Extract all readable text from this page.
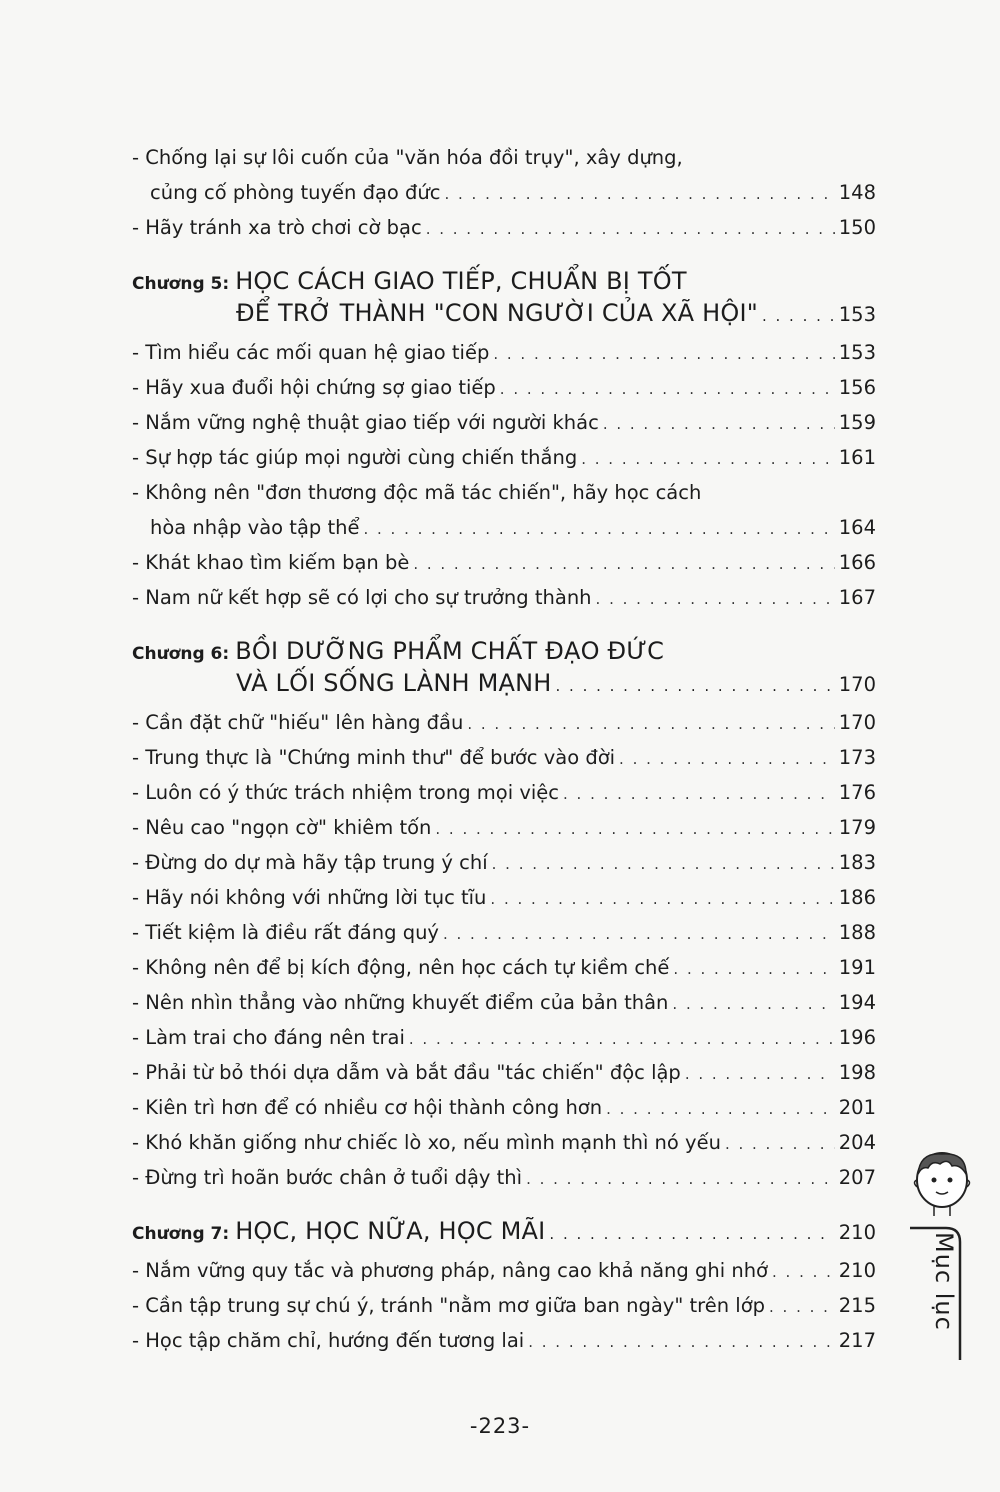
- Chống lại sự lôi cuốn của "văn hóa đồi trụy", xây dựng,
củng cố phòng tuyến đạo đức . . .	148
- Hãy tránh xa trò chơi cờ bạc . . .	150
Chương 5: HỌC CÁCH GIAO TIẾP, CHUẨN BỊ TỐT
ĐỂ TRỞ THÀNH "CON NGƯỜI CỦA XÃ HỘI" . . .	153
- Tìm hiểu các mối quan hệ giao tiếp . . .	153
- Hãy xua đuổi hội chứng sợ giao tiếp . . .	156
- Nắm vững nghệ thuật giao tiếp với người khác . . .	159
- Sự hợp tác giúp mọi người cùng chiến thắng . . .	161
- Không nên "đơn thương độc mã tác chiến", hãy học cách
hòa nhập vào tập thể . . .	164
- Khát khao tìm kiếm bạn bè . . .	166
- Nam nữ kết hợp sẽ có lợi cho sự trưởng thành . . .	167
Chương 6: BỒI DƯỠNG PHẨM CHẤT ĐẠO ĐỨC
VÀ LỐI SỐNG LÀNH MẠNH . . .	170
- Cần đặt chữ "hiếu" lên hàng đầu . . .	170
- Trung thực là "Chứng minh thư" để bước vào đời . . .	173
- Luôn có ý thức trách nhiệm trong mọi việc . . .	176
- Nêu cao "ngọn cờ" khiêm tốn . . .	179
- Đừng do dự mà hãy tập trung ý chí . . .	183
- Hãy nói không với những lời tục tĩu . . .	186
- Tiết kiệm là điều rất đáng quý . . .	188
- Không nên để bị kích động, nên học cách tự kiềm chế . . .	191
- Nên nhìn thẳng vào những khuyết điểm của bản thân . . .	194
- Làm trai cho đáng nên trai . . .	196
- Phải từ bỏ thói dựa dẫm và bắt đầu "tác chiến" độc lập . . .	198
- Kiên trì hơn để có nhiều cơ hội thành công hơn . . .	201
- Khó khăn giống như chiếc lò xo, nếu mình mạnh thì nó yếu . . .	204
- Đừng trì hoãn bước chân ở tuổi dậy thì . . .	207
Chương 7: HỌC, HỌC NỮA, HỌC MÃI . . .	210
- Nắm vững quy tắc và phương pháp, nâng cao khả năng ghi nhớ . . .	210
- Cần tập trung sự chú ý, tránh "nằm mơ giữa ban ngày" trên lớp . . .	215
- Học tập chăm chỉ, hướng đến tương lai . . .	217
-223-
Mục lục
